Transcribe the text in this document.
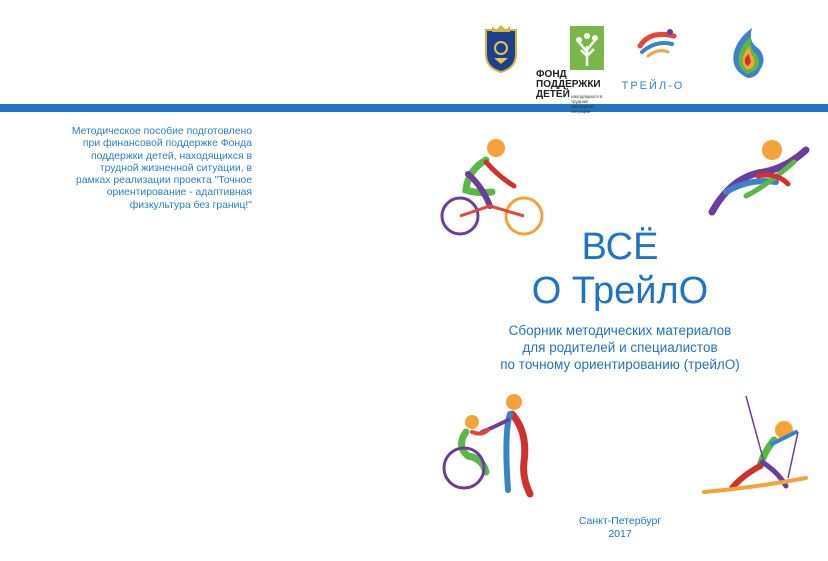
Методическое пособие подготовлено при финансовой поддержке Фонда поддержки детей, находящихся в трудной жизненной ситуации, в рамках реализации проекта "Точное ориентирование - адаптивная физкультура без границ!"
ФОНД
ПОДДЕРЖКИ
ДЕТЕЙ находящихся в трудной жизненной ситуации
ТРЕЙЛ-О
ВСЁ
О ТрейлО
Сборник методических материалов
для родителей и специалистов
по точному ориентированию (трейлО)
Санкт-Петербург
2017
